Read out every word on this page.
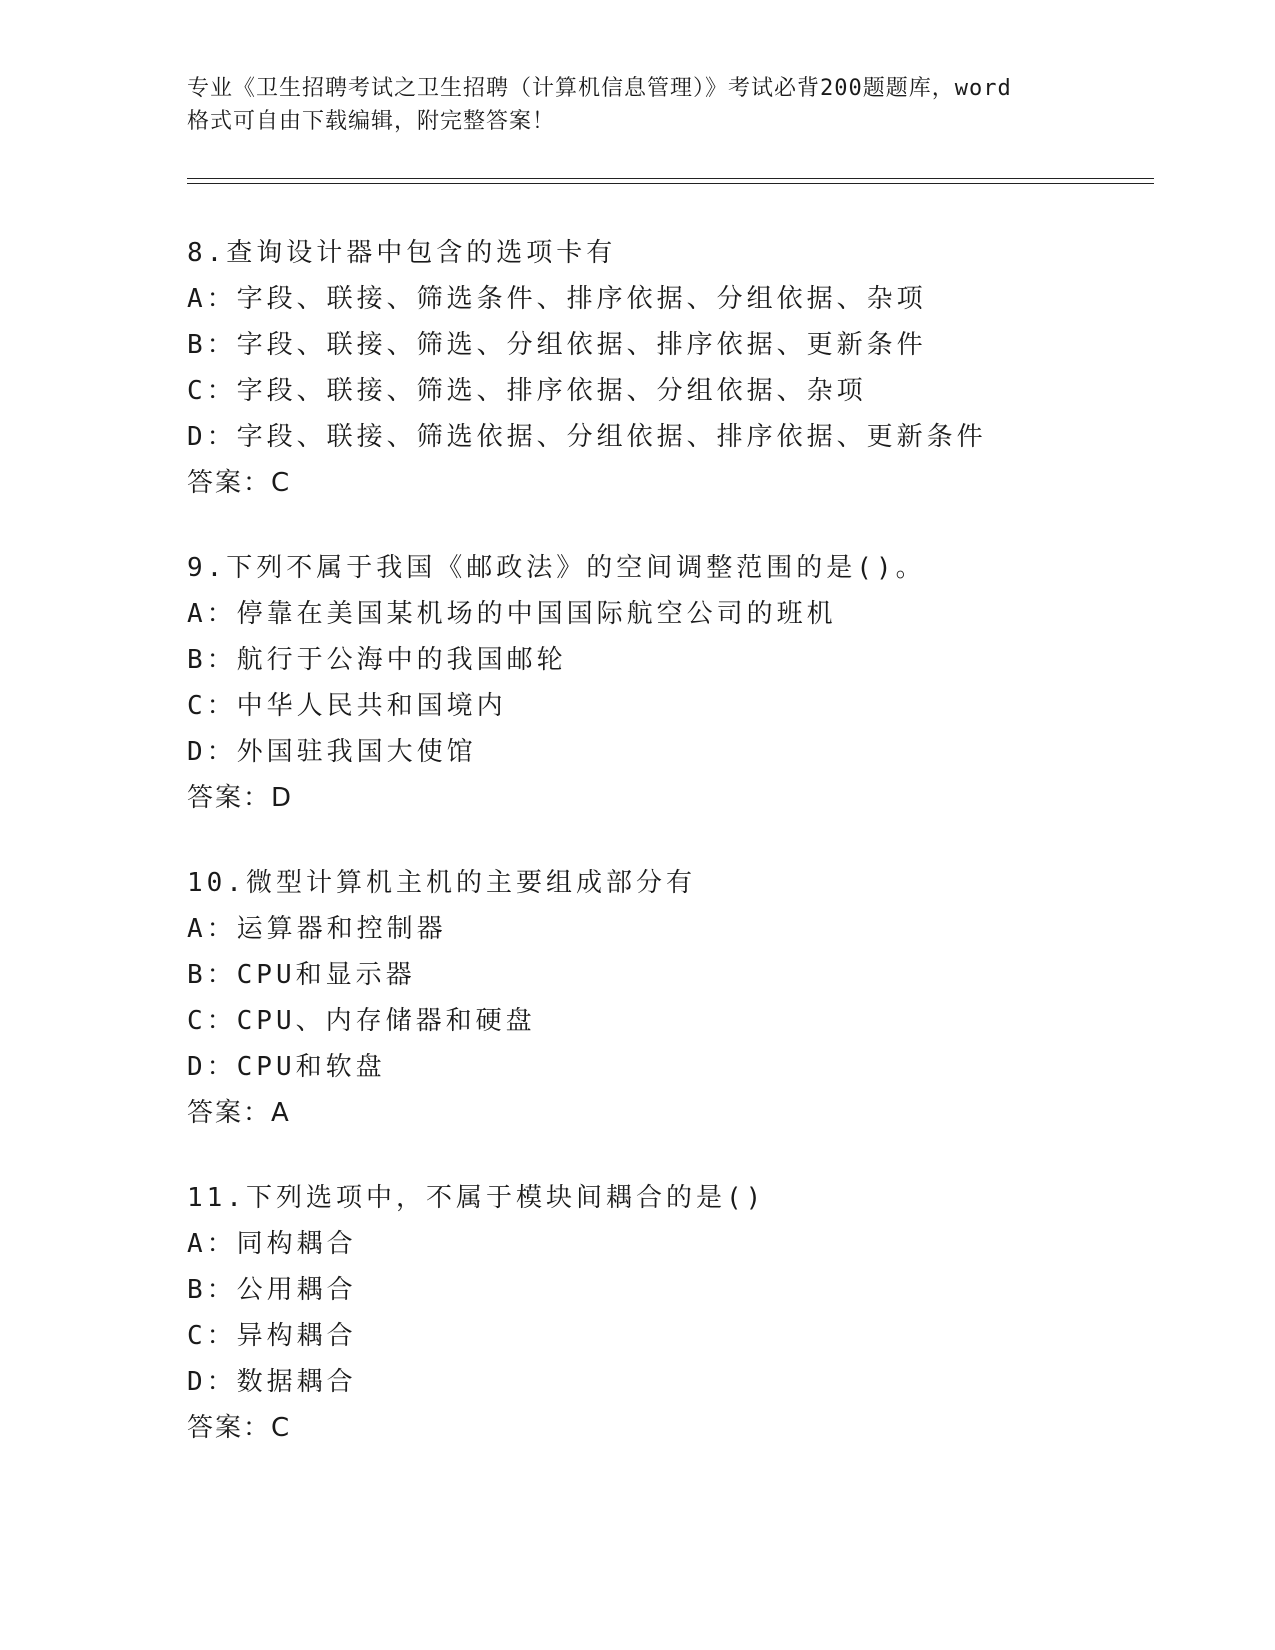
专业《卫生招聘考试之卫生招聘（计算机信息管理）》考试必背200题题库，word
格式可自由下载编辑，附完整答案！
8.查询设计器中包含的选项卡有
A：字段、联接、筛选条件、排序依据、分组依据、杂项
B：字段、联接、筛选、分组依据、排序依据、更新条件
C：字段、联接、筛选、排序依据、分组依据、杂项
D：字段、联接、筛选依据、分组依据、排序依据、更新条件
答案：C
9.下列不属于我国《邮政法》的空间调整范围的是()。
A：停靠在美国某机场的中国国际航空公司的班机
B：航行于公海中的我国邮轮
C：中华人民共和国境内
D：外国驻我国大使馆
答案：D
10.微型计算机主机的主要组成部分有
A：运算器和控制器
B：CPU和显示器
C：CPU、内存储器和硬盘
D：CPU和软盘
答案：A
11.下列选项中，不属于模块间耦合的是()
A：同构耦合
B：公用耦合
C：异构耦合
D：数据耦合
答案：C
